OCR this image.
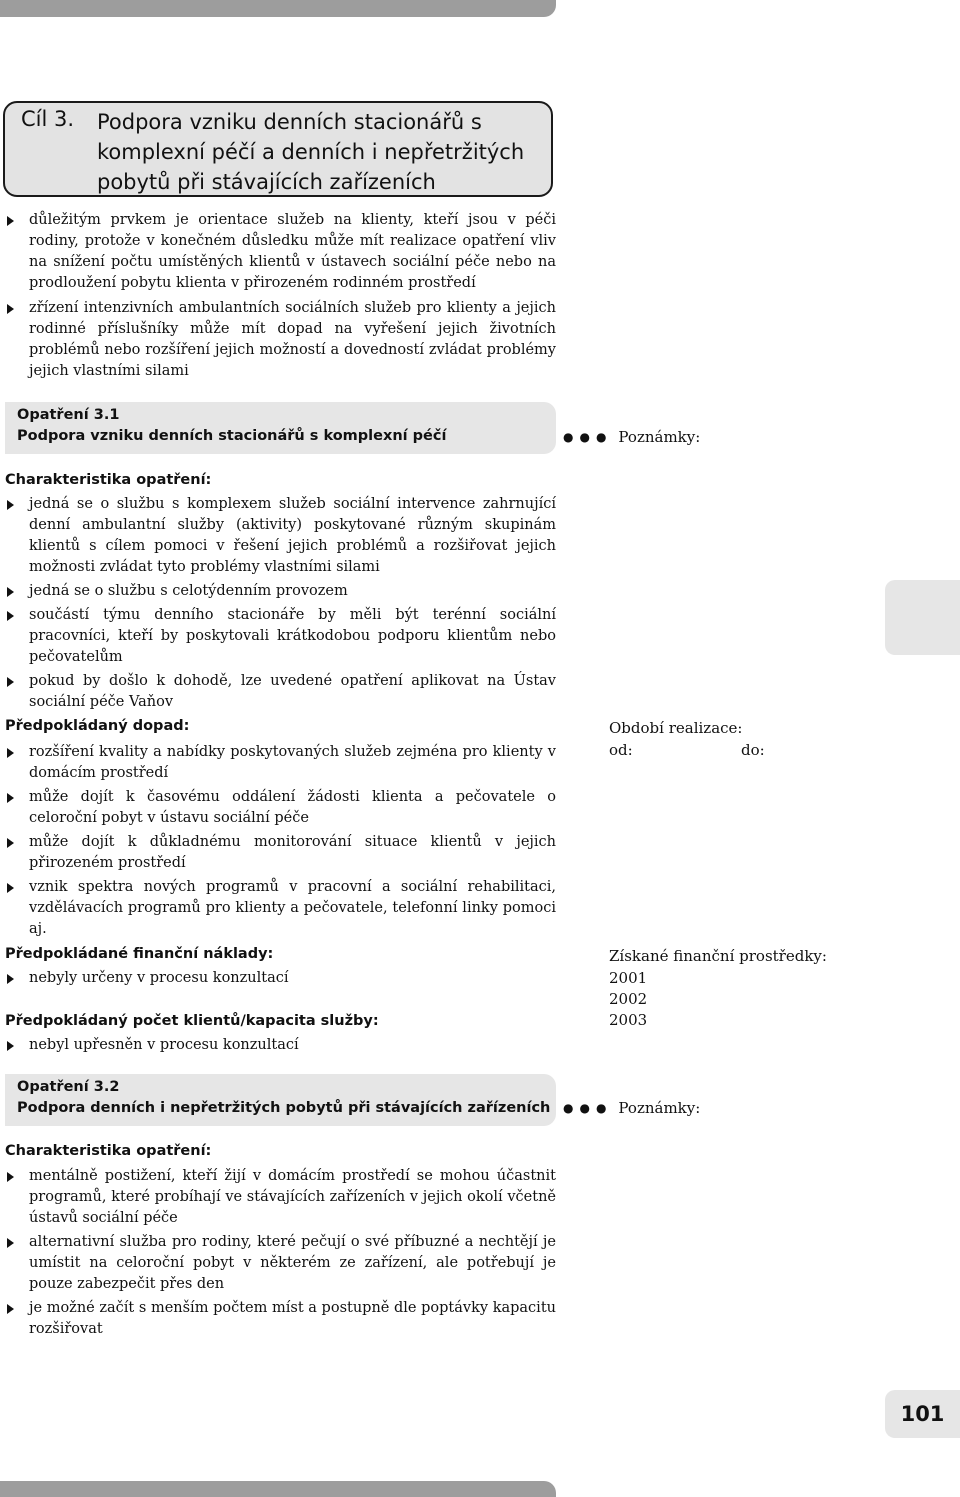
Cíl 3. Podpora vzniku denních stacionářů s komplexní péčí a denních i nepřetržitých pobytů při stávajících zařízeních
důležitým prvkem je orientace služeb na klienty, kteří jsou v péči rodiny, protože v konečném důsledku může mít realizace opatření vliv na snížení počtu umístěných klientů v ústavech sociální péče nebo na prodloužení pobytu klienta v přirozeném rodinném prostředí
zřízení intenzivních ambulantních sociálních služeb pro klienty a jejich rodinné příslušníky může mít dopad na vyřešení jejich životních problémů nebo rozšíření jejich možností a dovedností zvládat problémy jejich vlastními silami
Opatření 3.1
Podpora vzniku denních stacionářů s komplexní péčí	●●● Poznámky:
Charakteristika opatření:
jedná se o službu s komplexem služeb sociální intervence zahrnující denní ambulantní služby (aktivity) poskytované různým skupinám klientů s cílem pomoci v řešení jejich problémů a rozšiřovat jejich možnosti zvládat tyto problémy vlastními silami
jedná se o službu s celotýdenním provozem
součástí týmu denního stacionáře by měli být terénní sociální pracovníci, kteří by poskytovali krátkodobou podporu klientům nebo pečovatelům
pokud by došlo k dohodě, lze uvedené opatření aplikovat na Ústav sociální péče Vaňov
Předpokládaný dopad:
rozšíření kvality a nabídky poskytovaných služeb zejména pro klienty v domácím prostředí
může dojít k časovému oddálení žádosti klienta a pečovatele o celoroční pobyt v ústavu sociální péče
může dojít k důkladnému monitorování situace klientů v jejich přirozeném prostředí
vznik spektra nových programů v pracovní a sociální rehabilitaci, vzdělávacích programů pro klienty a pečovatele, telefonní linky pomoci aj.
Období realizace:
od:	do:
Předpokládané finanční náklady:
nebyly určeny v procesu konzultací
Získané finanční prostředky:
2001
2002
2003
Předpokládaný počet klientů/kapacita služby:
nebyl upřesněn v procesu konzultací
Opatření 3.2
Podpora denních i nepřetržitých pobytů při stávajících zařízeních ●●● Poznámky:
Charakteristika opatření:
mentálně postižení, kteří žijí v domácím prostředí se mohou účastnit programů, které probíhají ve stávajících zařízeních v jejich okolí včetně ústavů sociální péče
alternativní služba pro rodiny, které pečují o své příbuzné a nechtějí je umístit na celoroční pobyt v některém ze zařízení, ale potřebují je pouze zabezpečit přes den
je možné začít s menším počtem míst a postupně dle poptávky kapacitu rozšiřovat
101
